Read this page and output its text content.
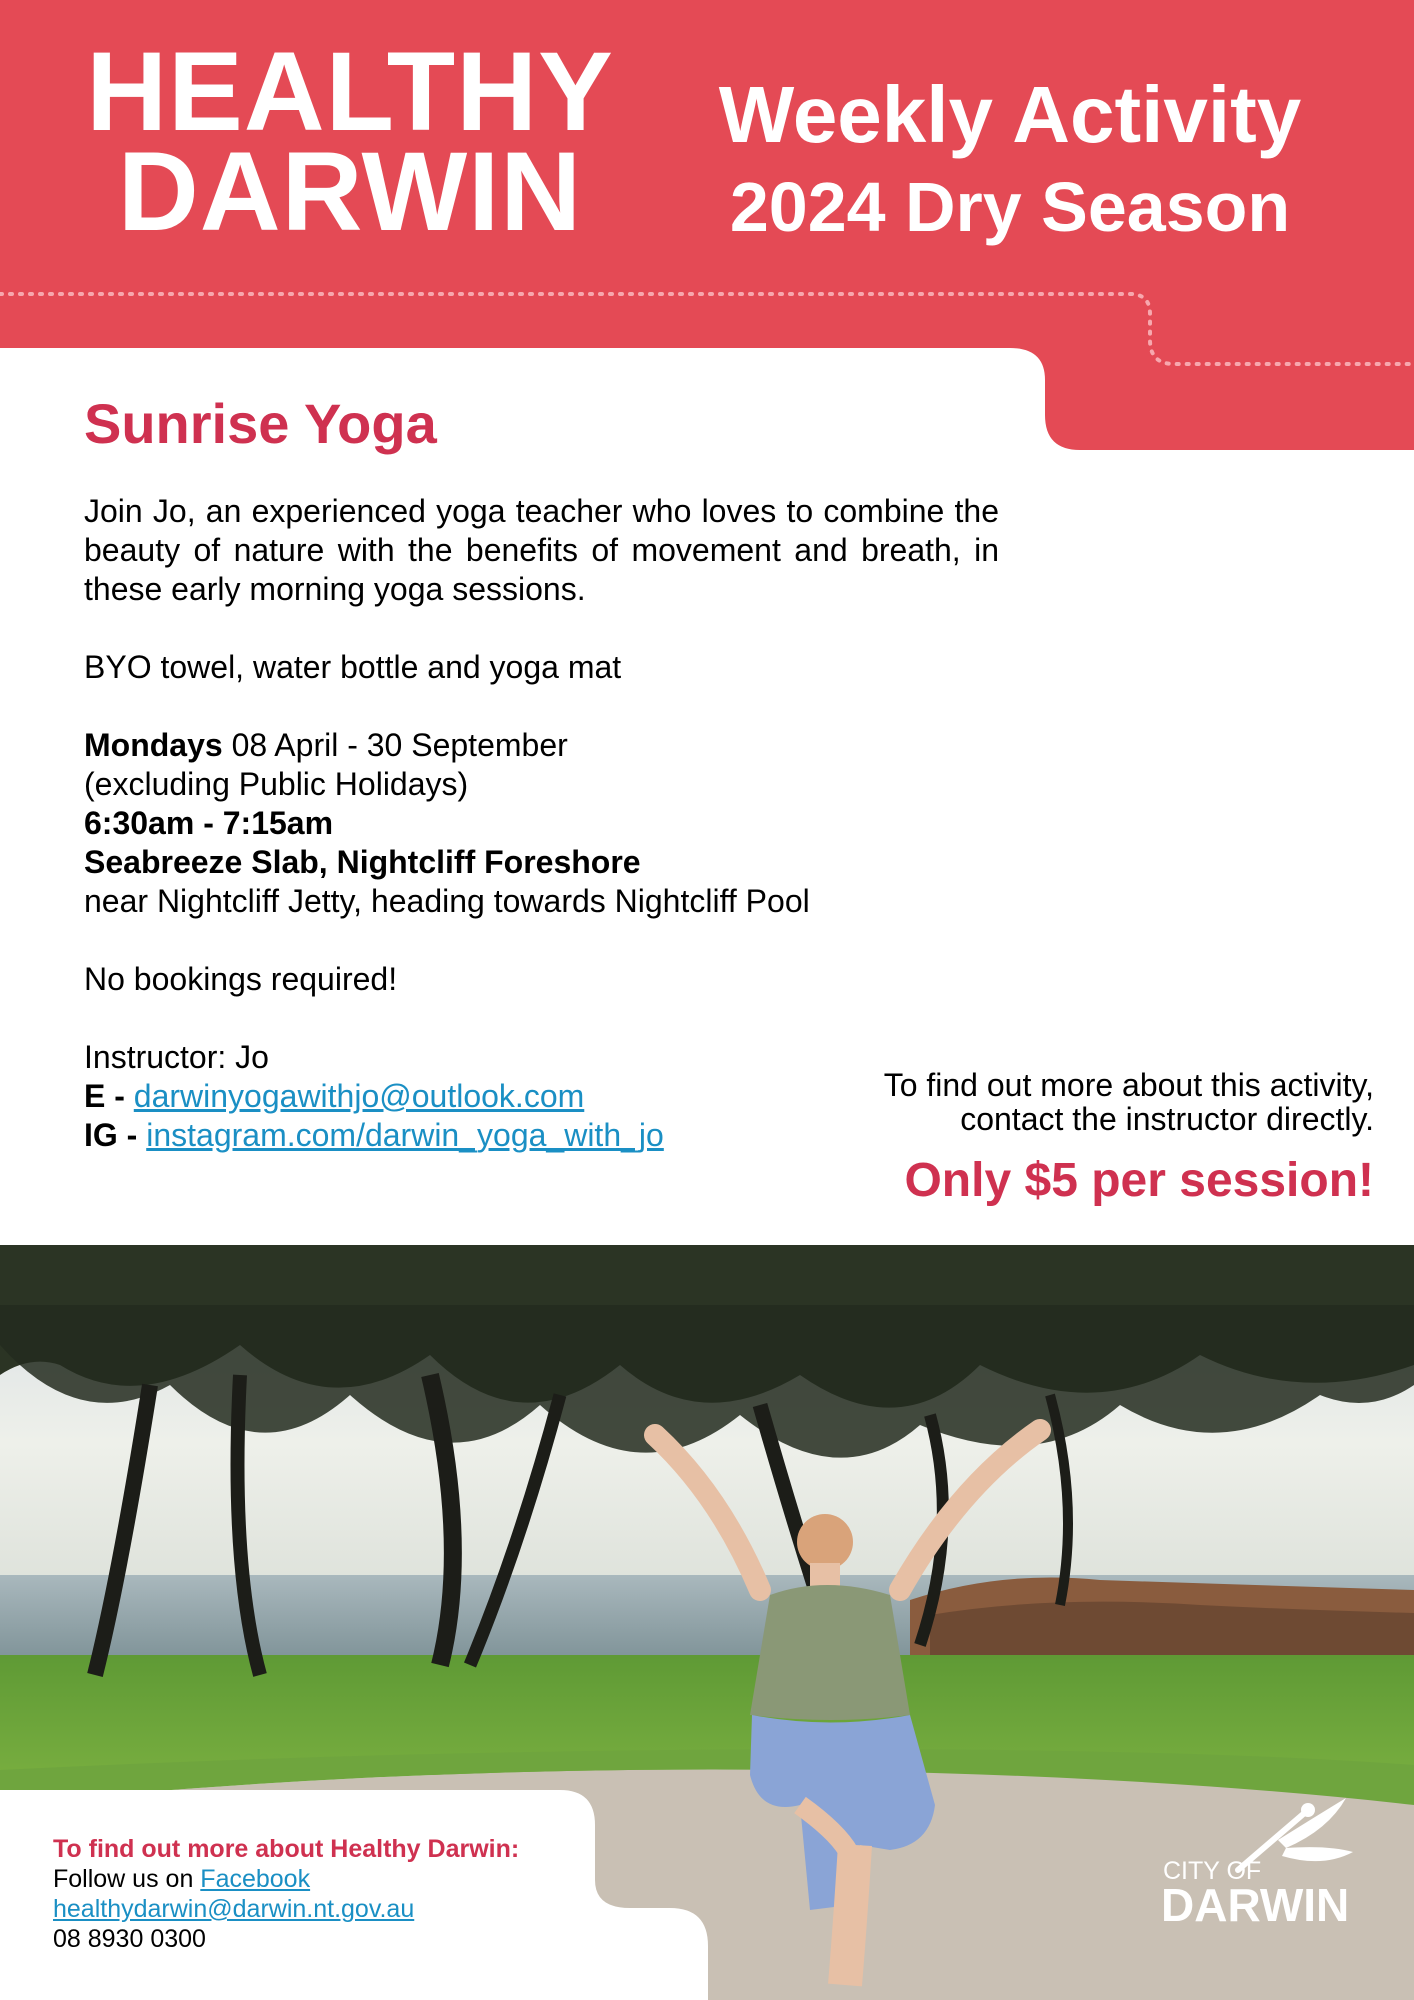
HEALTHY
DARWIN
Weekly Activity
2024 Dry Season
Sunrise Yoga

Join Jo, an experienced yoga teacher who loves to combine the beauty of nature with the benefits of movement and breath, in these early morning yoga sessions.

BYO towel, water bottle and yoga mat

Mondays 08 April - 30 September

(excluding Public Holidays)

6:30am - 7:15am

Seabreeze Slab, Nightcliff Foreshore

near Nightcliff Jetty, heading towards Nightcliff Pool

No bookings required!

Instructor: Jo

E - darwinyogawithjo@outlook.com

IG - instagram.com/darwin_yoga_with_jo

To find out more about this activity,
contact the instructor directly.
Only $5 per session!
To find out more about Healthy Darwin:
Follow us on Facebook
healthydarwin@darwin.nt.gov.au
08 8930 0300
CITY OF
DARWIN
